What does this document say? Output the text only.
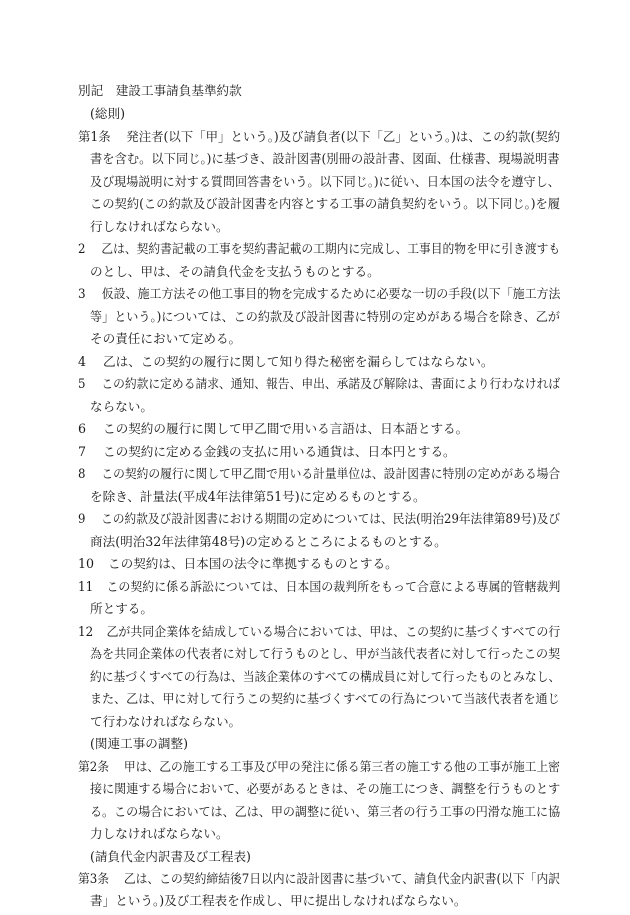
別記　建設工事請負基準約款
(総則)
第1条 発注者(以下「甲」という。)及び請負者(以下「乙」という。)は、この約款(契約
書を含む。以下同じ。)に基づき、設計図書(別冊の設計書、図面、仕様書、現場説明書
及び現場説明に対する質問回答書をいう。以下同じ。)に従い、日本国の法令を遵守し、
この契約(この約款及び設計図書を内容とする工事の請負契約をいう。以下同じ。)を履
行しなければならない。
2 乙は、契約書記載の工事を契約書記載の工期内に完成し、工事目的物を甲に引き渡すも
のとし、甲は、その請負代金を支払うものとする。
3 仮設、施工方法その他工事目的物を完成するために必要な一切の手段(以下「施工方法
等」という。)については、この約款及び設計図書に特別の定めがある場合を除き、乙が
その責任において定める。
4 乙は、この契約の履行に関して知り得た秘密を漏らしてはならない。
5 この約款に定める請求、通知、報告、申出、承諾及び解除は、書面により行わなければ
ならない。
6 この契約の履行に関して甲乙間で用いる言語は、日本語とする。
7 この契約に定める金銭の支払に用いる通貨は、日本円とする。
8 この契約の履行に関して甲乙間で用いる計量単位は、設計図書に特別の定めがある場合
を除き、計量法(平成4年法律第51号)に定めるものとする。
9 この約款及び設計図書における期間の定めについては、民法(明治29年法律第89号)及び
商法(明治32年法律第48号)の定めるところによるものとする。
10 この契約は、日本国の法令に準拠するものとする。
11 この契約に係る訴訟については、日本国の裁判所をもって合意による専属的管轄裁判
所とする。
12 乙が共同企業体を結成している場合においては、甲は、この契約に基づくすべての行
為を共同企業体の代表者に対して行うものとし、甲が当該代表者に対して行ったこの契
約に基づくすべての行為は、当該企業体のすべての構成員に対して行ったものとみなし、
また、乙は、甲に対して行うこの契約に基づくすべての行為について当該代表者を通じ
て行わなければならない。
(関連工事の調整)
第2条 甲は、乙の施工する工事及び甲の発注に係る第三者の施工する他の工事が施工上密
接に関連する場合において、必要があるときは、その施工につき、調整を行うものとす
る。この場合においては、乙は、甲の調整に従い、第三者の行う工事の円滑な施工に協
力しなければならない。
(請負代金内訳書及び工程表)
第3条 乙は、この契約締結後7日以内に設計図書に基づいて、請負代金内訳書(以下「内訳
書」という。)及び工程表を作成し、甲に提出しなければならない。
